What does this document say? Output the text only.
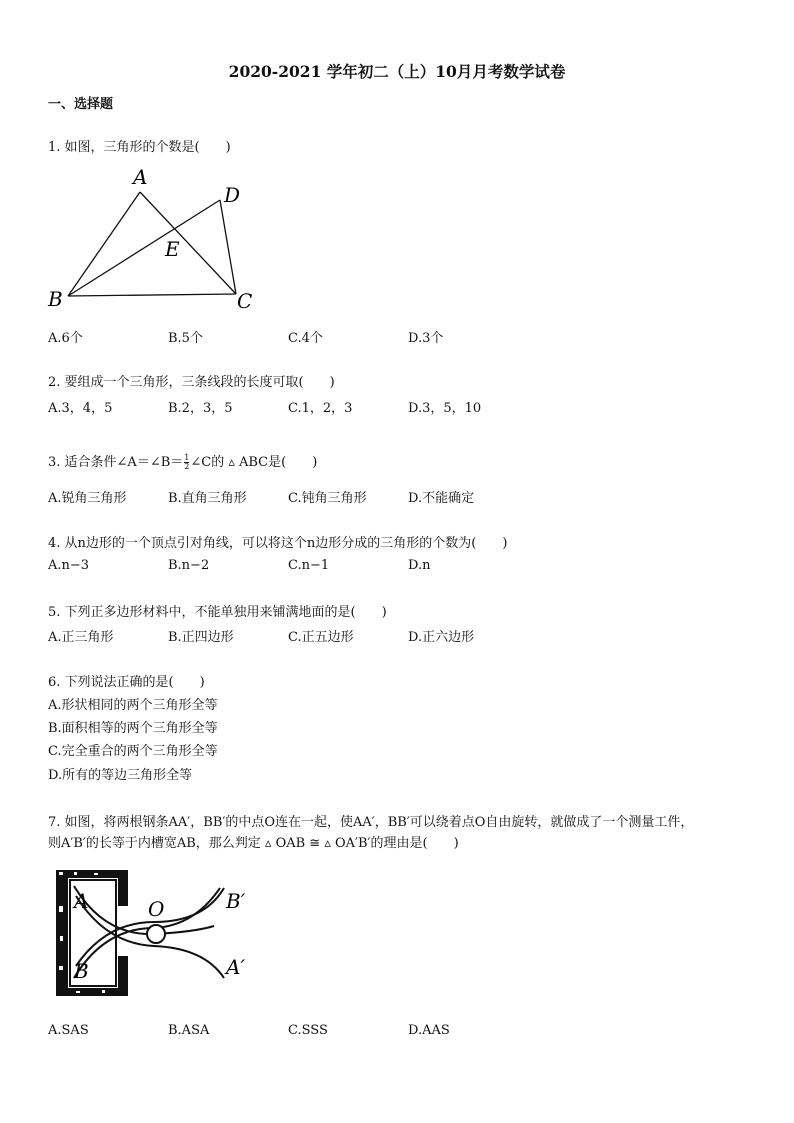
2020-2021 学年初二（上）10月月考数学试卷
一、选择题
1. 如图，三角形的个数是(　　)
A
D
E
B	C
A.6个	B.5个	C.4个	D.3个
2. 要组成一个三角形，三条线段的长度可取(　　)
A.3，4，5	B.2，3，5	C.1，2，3	D.3，5，10
3. 适合条件∠A＝∠B＝ $\frac{1}{2}$ ∠C的 ▵ ABC是(　　)
A.锐角三角形	B.直角三角形	C.钝角三角形	D.不能确定
4. 从n边形的一个顶点引对角线，可以将这个n边形分成的三角形的个数为(　　)
A.n−3	B.n−2	C.n−1	D.n
5. 下列正多边形材料中，不能单独用来铺满地面的是(　　)
A.正三角形	B.正四边形	C.正五边形	D.正六边形
6. 下列说法正确的是(　　)
A.形状相同的两个三角形全等
B.面积相等的两个三角形全等
C.完全重合的两个三角形全等
D.所有的等边三角形全等
7. 如图，将两根钢条AA′，BB′的中点O连在一起，使AA′，BB′可以绕着点O自由旋转，就做成了一个测量工件，
则A′B′的长等于内槽宽AB，那么判定 ▵ OAB ≅ ▵ OA′B′的理由是(　　)
A
B
O	B′
A′
A.SAS	B.ASA	C.SSS	D.AAS
